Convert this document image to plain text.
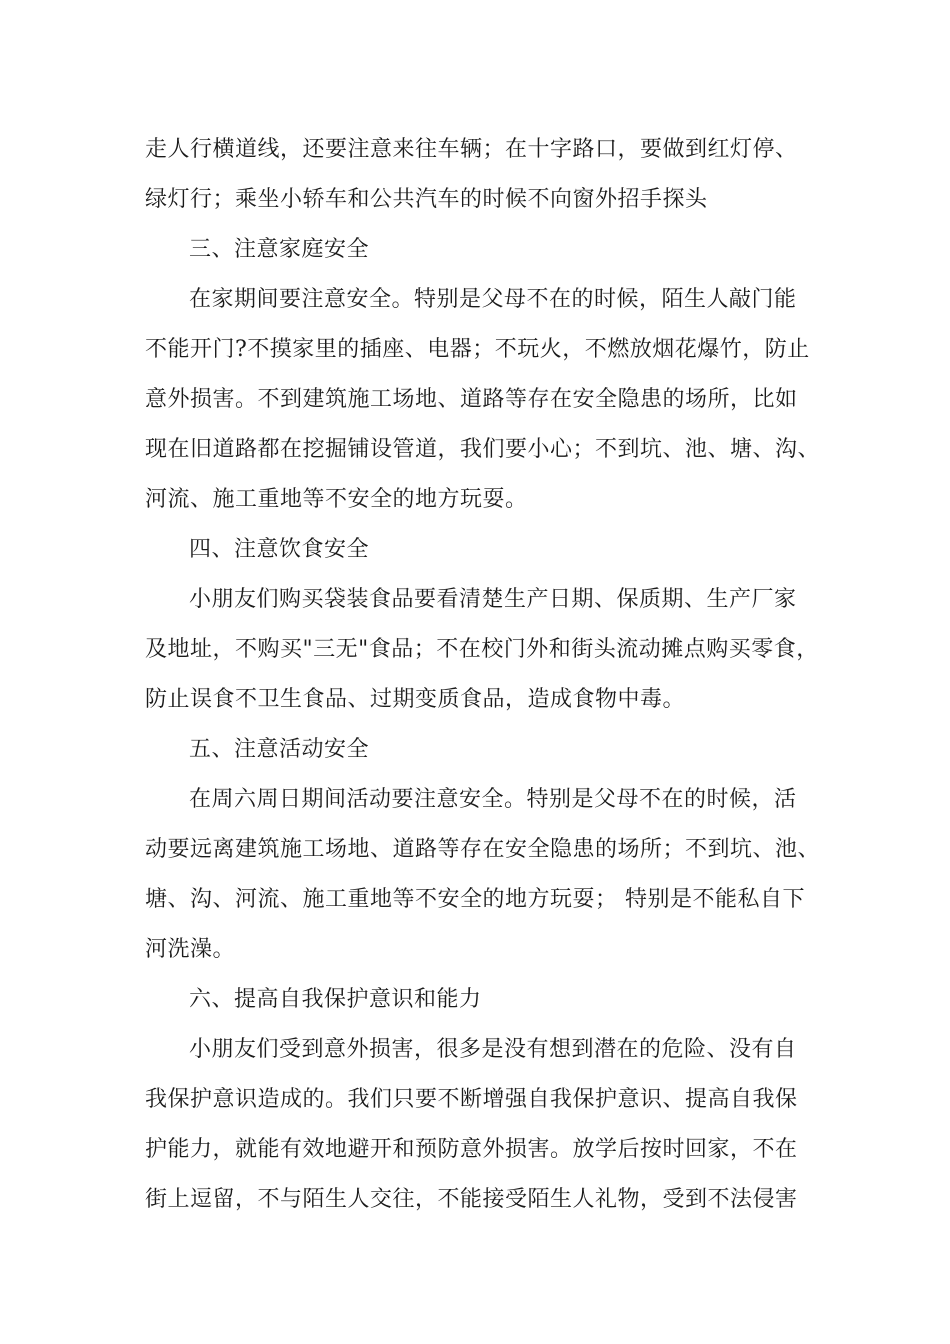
走人行横道线，还要注意来往车辆；在十字路口，要做到红灯停、
绿灯行；乘坐小轿车和公共汽车的时候不向窗外招手探头
三、注意家庭安全
在家期间要注意安全。特别是父母不在的时候，陌生人敲门能
不能开门?不摸家里的插座、电器；不玩火，不燃放烟花爆竹，防止
意外损害。不到建筑施工场地、道路等存在安全隐患的场所，比如
现在旧道路都在挖掘铺设管道，我们要小心；不到坑、池、塘、沟、
河流、施工重地等不安全的地方玩耍。
四、注意饮食安全
小朋友们购买袋装食品要看清楚生产日期、保质期、生产厂家
及地址，不购买"三无"食品；不在校门外和街头流动摊点购买零食，
防止误食不卫生食品、过期变质食品，造成食物中毒。
五、注意活动安全
在周六周日期间活动要注意安全。特别是父母不在的时候，活
动要远离建筑施工场地、道路等存在安全隐患的场所；不到坑、池、
塘、沟、河流、施工重地等不安全的地方玩耍； 特别是不能私自下
河洗澡。
六、提高自我保护意识和能力
小朋友们受到意外损害，很多是没有想到潜在的危险、没有自
我保护意识造成的。我们只要不断增强自我保护意识、提高自我保
护能力，就能有效地避开和预防意外损害。放学后按时回家，不在
街上逗留，不与陌生人交往，不能接受陌生人礼物，受到不法侵害
